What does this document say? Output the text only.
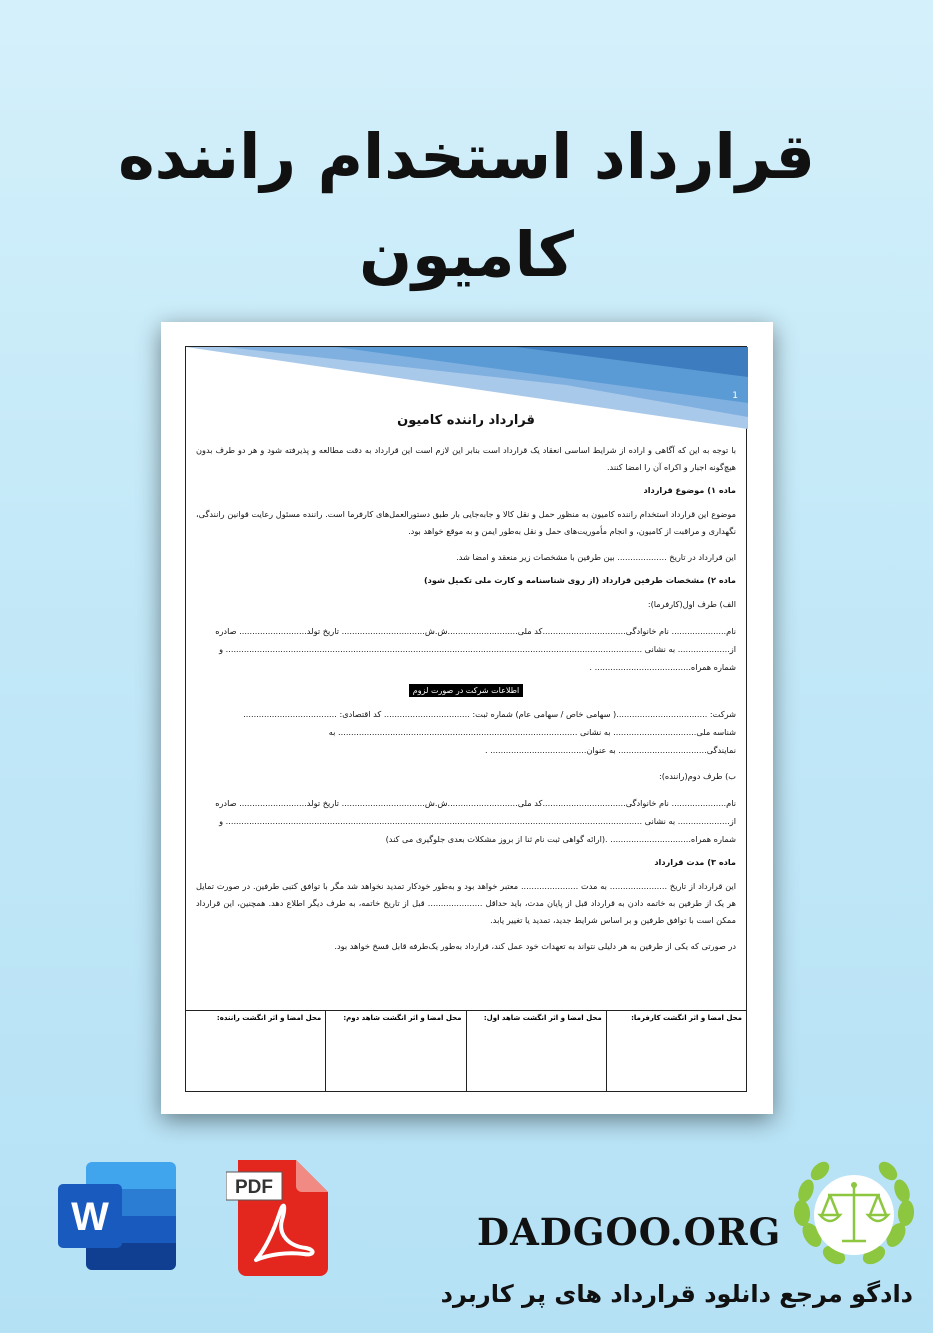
قرارداد استخدام راننده
کامیون
1
قرارداد راننده کامیون

با توجه به این که آگاهی و اراده از شرایط اساسی انعقاد یک قرارداد است بنابر این لازم است این قرارداد به دقت مطالعه و پذیرفته شود و هر دو طرف بدون هیچ‌گونه اجبار و اکراه آن را امضا کنند.

ماده ۱) موضوع قرارداد

موضوع این قرارداد استخدام راننده کامیون به منظور حمل و نقل کالا و جابه‌جایی بار طبق دستورالعمل‌های کارفرما است. راننده مسئول رعایت قوانین رانندگی، نگهداری و مراقبت از کامیون، و انجام مأموریت‌های حمل و نقل به‌طور ایمن و به موقع خواهد بود.

این قرارداد در تاریخ ................... بین طرفین با مشخصات زیر منعقد و امضا شد.

ماده ۲) مشخصات طرفین قرارداد (از روی شناسنامه و کارت ملی تکمیل شود)

الف) طرف اول(کارفرما):

نام..................... نام خانوادگی................................کد ملی...........................ش.ش................................ تاریخ تولد.......................... صادره

از.................... به نشانی ................................................................................................................................................................ و

شماره همراه..................................... .

اطلاعات شرکت در صورت لزوم

شرکت: ...................................( سهامی خاص / سهامی عام) شماره ثبت: ................................. کد اقتصادی: ....................................

شناسه ملی................................ به نشانی ............................................................................................ به

نمایندگی.................................. به عنوان..................................... .

ب) طرف دوم(راننده):

نام..................... نام خانوادگی................................کد ملی...........................ش.ش................................ تاریخ تولد.......................... صادره

از.................... به نشانی ................................................................................................................................................................ و

شماره همراه............................... .(ارائه گواهی ثبت نام ثنا از بروز مشکلات بعدی جلوگیری می کند)

ماده ۳) مدت قرارداد

این قرارداد از تاریخ ...................... به مدت ...................... معتبر خواهد بود و به‌طور خودکار تمدید نخواهد شد مگر با توافق کتبی طرفین. در صورت تمایل هر یک از طرفین به خاتمه دادن به قرارداد قبل از پایان مدت، باید حداقل ..................... قبل از تاریخ خاتمه، به طرف دیگر اطلاع دهد. همچنین، این قرارداد ممکن است با توافق طرفین و بر اساس شرایط جدید، تمدید یا تغییر یابد.

در صورتی که یکی از طرفین به هر دلیلی نتواند به تعهدات خود عمل کند، قرارداد به‌طور یک‌طرفه قابل فسخ خواهد بود.

محل امضا و اثر انگشت کارفرما:
محل امضا و اثر انگشت شاهد اول:
محل امضا و اثر انگشت شاهد دوم:
محل امضا و اثر انگشت راننده:
W
PDF
DADGOO.ORG
دادگو مرجع دانلود قرارداد های پر کاربرد
